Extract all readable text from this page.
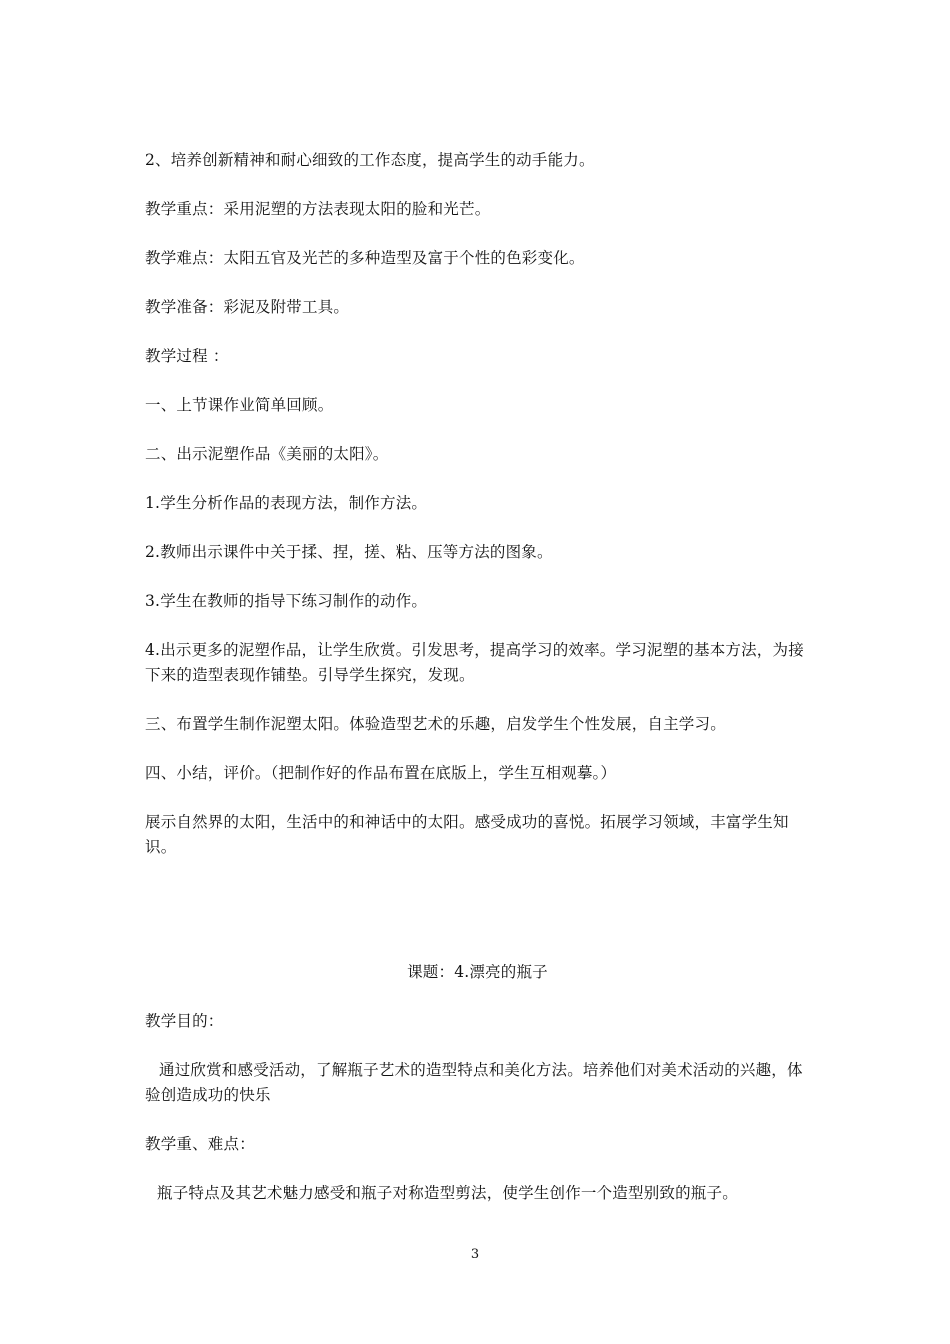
2、培养创新精神和耐心细致的工作态度，提高学生的动手能力。

教学重点：采用泥塑的方法表现太阳的脸和光芒。

教学难点：太阳五官及光芒的多种造型及富于个性的色彩变化。

教学准备：彩泥及附带工具。

教学过程 ：

一、上节课作业简单回顾。

二、出示泥塑作品《美丽的太阳》。

1.学生分析作品的表现方法，制作方法。

2.教师出示课件中关于揉、捏，搓、粘、压等方法的图象。

3.学生在教师的指导下练习制作的动作。

4.出示更多的泥塑作品，让学生欣赏。引发思考，提高学习的效率。学习泥塑的基本方法，为接下来的造型表现作铺垫。引导学生探究，发现。

三、布置学生制作泥塑太阳。体验造型艺术的乐趣，启发学生个性发展，自主学习。

四、小结，评价。（把制作好的作品布置在底版上，学生互相观摹。）

展示自然界的太阳，生活中的和神话中的太阳。感受成功的喜悦。拓展学习领域，丰富学生知识。

课题：4.漂亮的瓶子

教学目的：

通过欣赏和感受活动，了解瓶子艺术的造型特点和美化方法。培养他们对美术活动的兴趣，体验创造成功的快乐

教学重、难点：

瓶子特点及其艺术魅力感受和瓶子对称造型剪法，使学生创作一个造型别致的瓶子。

3
